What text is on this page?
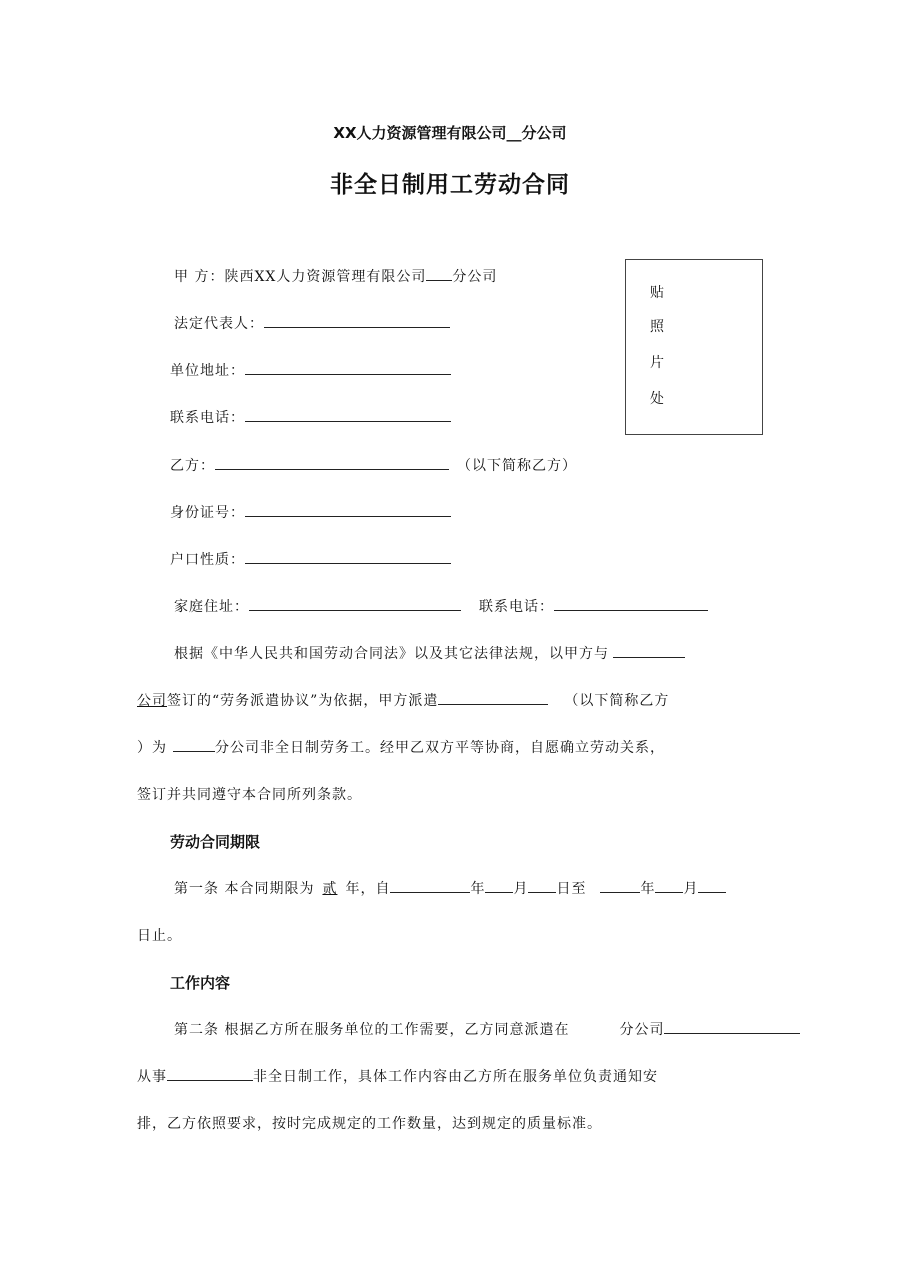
XX人力资源管理有限公司__分公司
非全日制用工劳动合同
贴
照
片
处
甲 方：陕西XX人力资源管理有限公司 分公司
法定代表人：
单位地址：
联系电话：
乙方：	（以下简称乙方）
身份证号：
户口性质：
家庭住址：	联系电话：
根据《中华人民共和国劳动合同法》以及其它法律法规，以甲方与
公司签订的“劳务派遣协议”为依据，甲方派遣	（以下简称乙方
）为	分公司非全日制劳务工。经甲乙双方平等协商，自愿确立劳动关系，
签订并共同遵守本合同所列条款。
劳动合同期限
第一条 本合同期限为 贰 年，自	年 月 日至	年 月
日止。
工作内容
第二条 根据乙方所在服务单位的工作需要，乙方同意派遣在	分公司
从事	非全日制工作，具体工作内容由乙方所在服务单位负责通知安
排，乙方依照要求，按时完成规定的工作数量，达到规定的质量标准。
